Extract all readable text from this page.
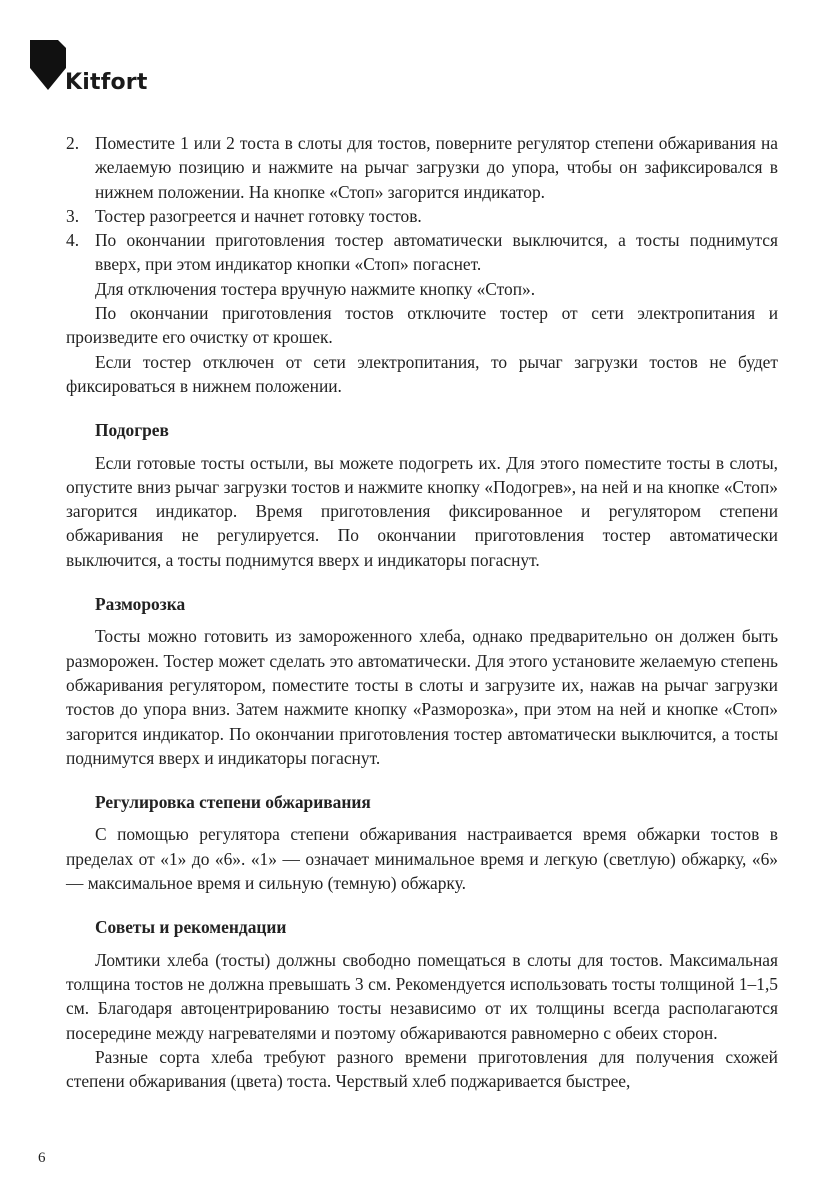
Kitfort
2. Поместите 1 или 2 тоста в слоты для тостов, поверните регулятор степени обжаривания на желаемую позицию и нажмите на рычаг загрузки до упора, чтобы он зафиксировался в нижнем положении. На кнопке «Стоп» загорится индикатор.
3. Тостер разогреется и начнет готовку тостов.
4. По окончании приготовления тостер автоматически выключится, а тосты поднимутся вверх, при этом индикатор кнопки «Стоп» погаснет.

Для отключения тостера вручную нажмите кнопку «Стоп».

По окончании приготовления тостов отключите тостер от сети электропитания и произведите его очистку от крошек.

Если тостер отключен от сети электропитания, то рычаг загрузки тостов не будет фиксироваться в нижнем положении.

Подогрев

Если готовые тосты остыли, вы можете подогреть их. Для этого поместите тосты в слоты, опустите вниз рычаг загрузки тостов и нажмите кнопку «Подогрев», на ней и на кнопке «Стоп» загорится индикатор. Время приготовления фиксированное и регулятором степени обжаривания не регулируется. По окончании приготовления тостер автоматически выключится, а тосты поднимутся вверх и индикаторы погаснут.

Разморозка

Тосты можно готовить из замороженного хлеба, однако предварительно он должен быть разморожен. Тостер может сделать это автоматически. Для этого установите желаемую степень обжаривания регулятором, поместите тосты в слоты и загрузите их, нажав на рычаг загрузки тостов до упора вниз. Затем нажмите кнопку «Разморозка», при этом на ней и кнопке «Стоп» загорится индикатор. По окончании приготовления тостер автоматически выключится, а тосты поднимутся вверх и индикаторы погаснут.

Регулировка степени обжаривания

С помощью регулятора степени обжаривания настраивается время обжарки тостов в пределах от «1» до «6». «1» — означает минимальное время и легкую (светлую) обжарку, «6» — максимальное время и сильную (темную) обжарку.

Советы и рекомендации

Ломтики хлеба (тосты) должны свободно помещаться в слоты для тостов. Максимальная толщина тостов не должна превышать 3 см. Рекомендуется использовать тосты толщиной 1–1,5 см. Благодаря автоцентрированию тосты независимо от их толщины всегда располагаются посередине между нагревателями и поэтому обжариваются равномерно с обеих сторон.

Разные сорта хлеба требуют разного времени приготовления для получения схожей степени обжаривания (цвета) тоста. Черствый хлеб поджаривается быстрее,

6
